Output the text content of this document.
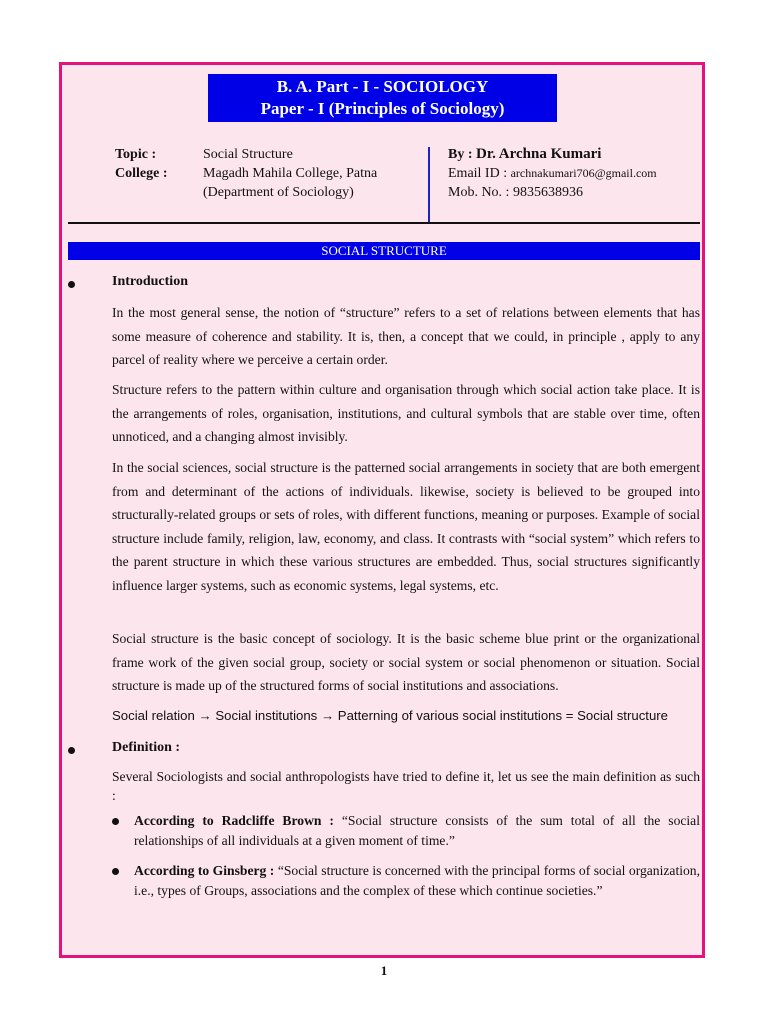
B. A. Part - I - SOCIOLOGY
Paper - I (Principles of Sociology)
Topic :
College :
Social Structure
Magadh Mahila College, Patna
(Department of Sociology)
By : Dr. Archna Kumari
Email ID : archnakumari706@gmail.com
Mob. No. : 9835638936
SOCIAL STRUCTURE
Introduction

In the most general sense, the notion of “structure” refers to a set of relations between elements that has some measure of coherence and stability. It is, then, a concept that we could, in principle , apply to any parcel of reality where we perceive a certain order.

Structure refers to the pattern within culture and organisation through which social action take place. It is the arrangements of roles, organisation, institutions, and cultural symbols that are stable over time, often unnoticed, and a changing almost invisibly.

In the social sciences, social structure is the patterned social arrangements in society that are both emergent from and determinant of the actions of individuals. likewise, society is believed to be grouped into structurally-related groups or sets of roles, with different functions, meaning or purposes. Example of social structure include family, religion, law, economy, and class. It contrasts with “social system” which refers to the parent structure in which these various structures are embedded. Thus, social structures significantly influence larger systems, such as economic systems, legal systems, etc.

Social structure is the basic concept of sociology. It is the basic scheme blue print or the organizational frame work of the given social group, society or social system or social phenomenon or situation. Social structure is made up of the structured forms of social institutions and associations.

Social relation → Social institutions → Patterning of various social institutions = Social structure
Definition :

Several Sociologists and social anthropologists have tried to define it, let us see the main definition as such :

According to Radcliffe Brown : “Social structure consists of the sum total of all the social relationships of all individuals at a given moment of time.”

According to Ginsberg : “Social structure is concerned with the principal forms of social organization, i.e., types of Groups, associations and the complex of these which continue societies.”

1
